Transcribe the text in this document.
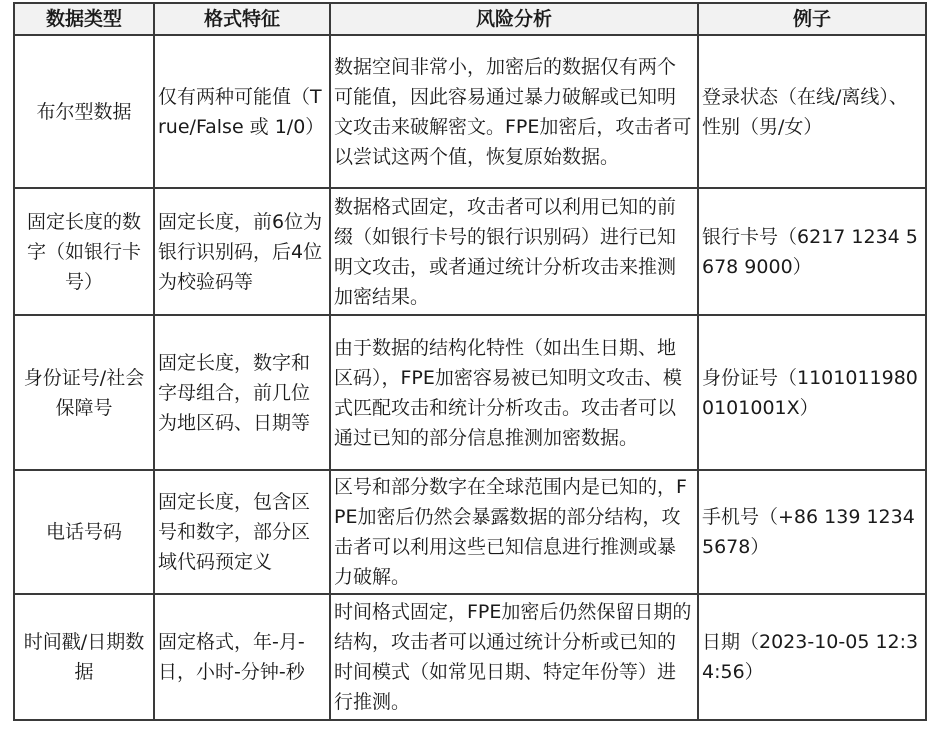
数据类型	格式特征	风险分析	例子
布尔型数据	仅有两种可能值（True/False 或 1/0）	数据空间非常小，加密后的数据仅有两个可能值，因此容易通过暴力破解或已知明文攻击来破解密文。FPE加密后，攻击者可以尝试这两个值，恢复原始数据。	登录状态（在线/离线）、性别（男/女）
固定长度的数字（如银行卡号）	固定长度，前6位为银行识别码，后4位为校验码等	数据格式固定，攻击者可以利用已知的前缀（如银行卡号的银行识别码）进行已知明文攻击，或者通过统计分析攻击来推测加密结果。	银行卡号（6217 1234 5678 9000）
身份证号/社会保障号	固定长度，数字和字母组合，前几位为地区码、日期等	由于数据的结构化特性（如出生日期、地区码），FPE加密容易被已知明文攻击、模式匹配攻击和统计分析攻击。攻击者可以通过已知的部分信息推测加密数据。	身份证号（11010119800101001X）
电话号码	固定长度，包含区号和数字，部分区域代码预定义	区号和部分数字在全球范围内是已知的，FPE加密后仍然会暴露数据的部分结构，攻击者可以利用这些已知信息进行推测或暴力破解。	手机号（+86 139 1234 5678）
时间戳/日期数据	固定格式，年-月-日，小时-分钟-秒	时间格式固定，FPE加密后仍然保留日期的结构，攻击者可以通过统计分析或已知的时间模式（如常见日期、特定年份等）进行推测。	日期（2023-10-05 12:34:56）
